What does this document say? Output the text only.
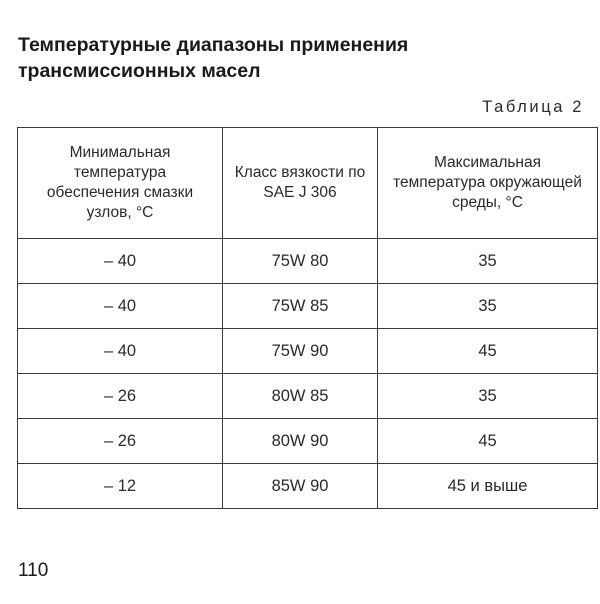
Температурные диапазоны применения
трансмиссионных масел
Таблица 2
Минимальная температура обеспечения смазки узлов, °С	Класс вязкости по SAE J 306	Максимальная температура окружающей среды, °С
– 40	75W 80	35
– 40	75W 85	35
– 40	75W 90	45
– 26	80W 85	35
– 26	80W 90	45
– 12	85W 90	45 и выше
110
